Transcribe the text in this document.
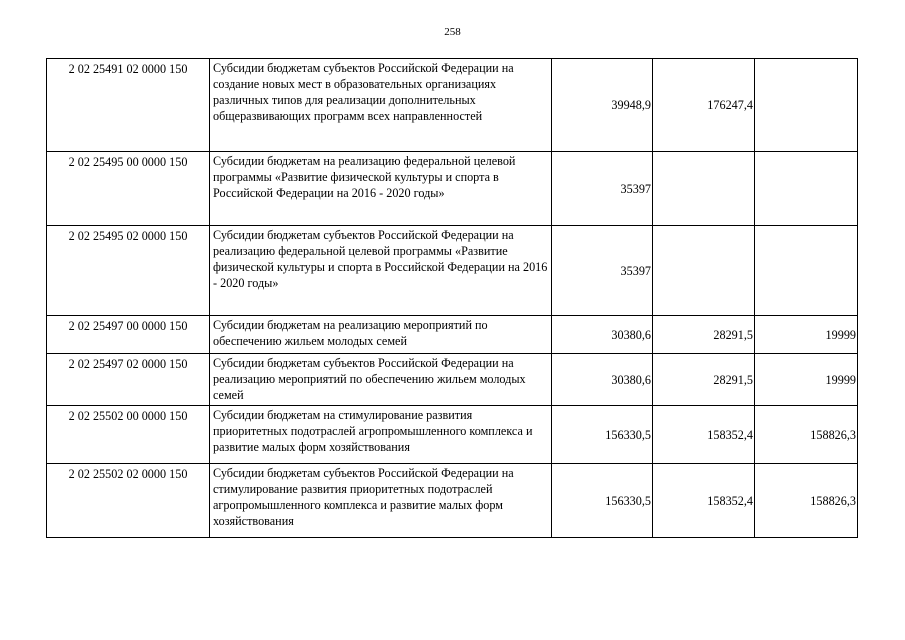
258
2 02 25491 02 0000 150	Субсидии бюджетам субъектов Российской Федерации на создание новых мест в образовательных организациях различных типов для реализации дополнительных общеразвивающих программ всех направленностей	39948,9	176247,4	
2 02 25495 00 0000 150	Субсидии бюджетам на реализацию федеральной целевой программы «Развитие физической культуры и спорта в Российской Федерации на 2016 - 2020 годы»	35397		
2 02 25495 02 0000 150	Субсидии бюджетам субъектов Российской Федерации на реализацию федеральной целевой программы «Развитие физической культуры и спорта в Российской Федерации на 2016 - 2020 годы»	35397		
2 02 25497 00 0000 150	Субсидии бюджетам на реализацию мероприятий по обеспечению жильем молодых семей	30380,6	28291,5	19999
2 02 25497 02 0000 150	Субсидии бюджетам субъектов Российской Федерации на реализацию мероприятий по обеспечению жильем молодых семей	30380,6	28291,5	19999
2 02 25502 00 0000 150	Субсидии бюджетам на стимулирование развития приоритетных подотраслей агропромышленного комплекса и развитие малых форм хозяйствования	156330,5	158352,4	158826,3
2 02 25502 02 0000 150	Субсидии бюджетам субъектов Российской Федерации на стимулирование развития приоритетных подотраслей агропромышленного комплекса и развитие малых форм хозяйствования	156330,5	158352,4	158826,3
